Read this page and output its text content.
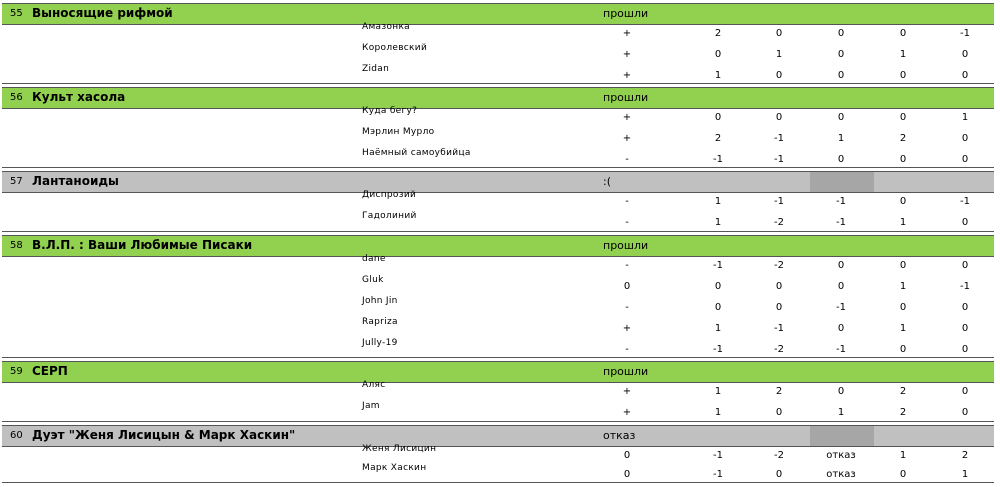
55 Выносящие рифмой	прошли
Амазонка
+	2	0	0	0	-1
Королевский
+	0	1	0	1	0
Zidan
+	1	0	0	0	0
56 Культ хасола	прошли
Куда бегу?
+	0	0	0	0	1
Мэрлин Мурло
+	2	-1	1	2	0
Наёмный самоубийца
-	-1	-1	0	0	0
57 Лантаноиды	:(
Диспрозий
-	1	-1	-1	0	-1
Гадолиний
-	1	-2	-1	1	0
58 В.Л.П. : Ваши Любимые Писаки	прошли
dane
-	-1	-2	0	0	0
Gluk
0	0	0	0	1	-1
John Jin
-	0	0	-1	0	0
Rapriza
+	1	-1	0	1	0
Jully-19
-	-1	-2	-1	0	0
59 СЕРП	прошли
Аляс
+	1	2	0	2	0
Jam
+	1	0	1	2	0
60 Дуэт "Женя Лисицын & Марк Хаскин"	отказ
Женя Лисицин
0	-1	-2	отказ	1	2
Марк Хаскин
0	-1	0	отказ	0	1
